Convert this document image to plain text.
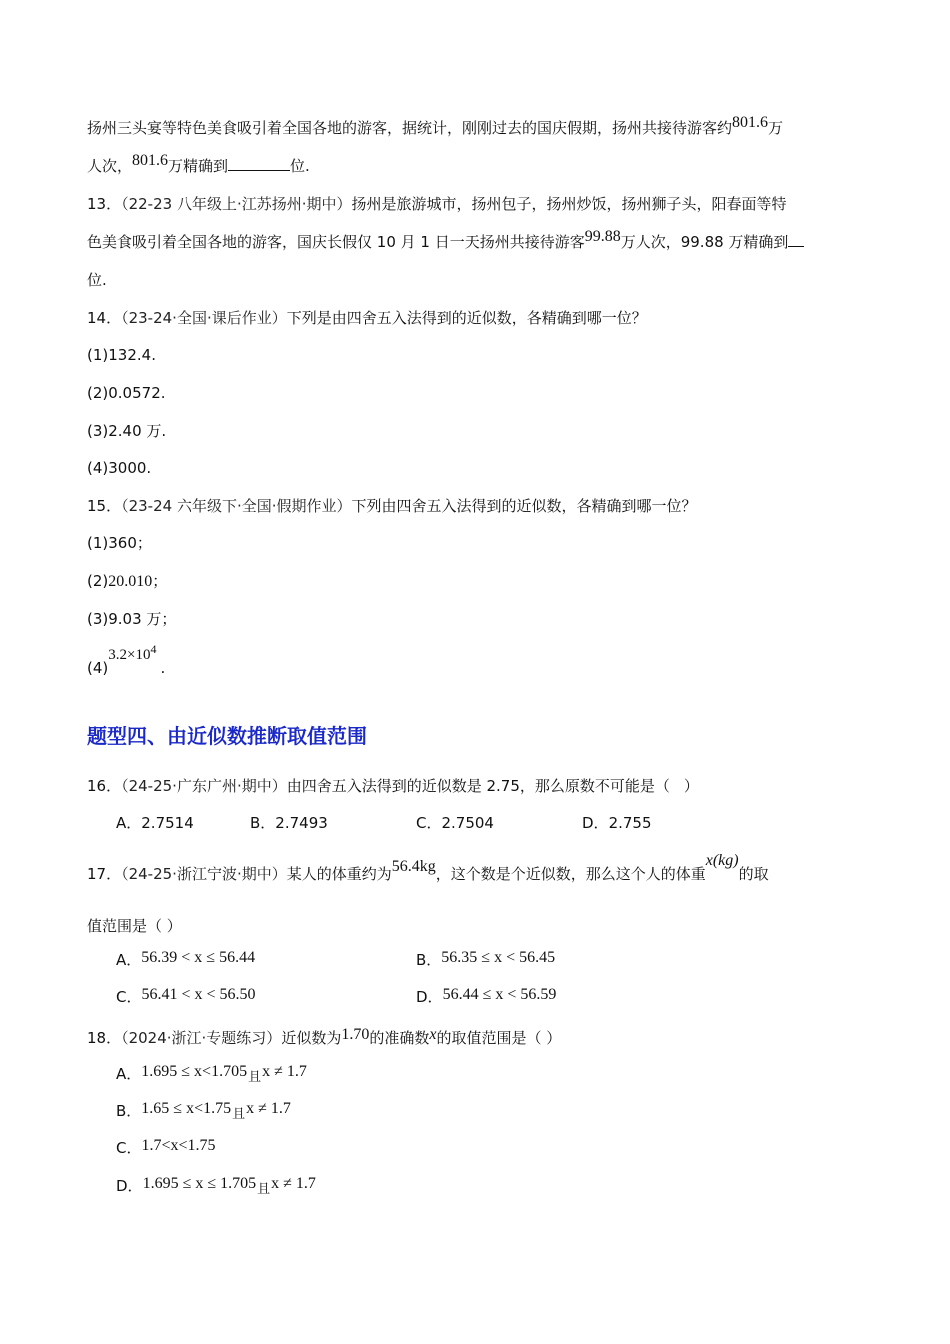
扬州三头宴等特色美食吸引着全国各地的游客，据统计，刚刚过去的国庆假期，扬州共接待游客约801.6万
人次，801.6万精确到	位.
13．（22-23 八年级上·江苏扬州·期中）扬州是旅游城市，扬州包子，扬州炒饭，扬州狮子头，阳春面等特
色美食吸引着全国各地的游客，国庆长假仅 10 月 1 日一天扬州共接待游客99.88万人次，99.88 万精确到
位.
14．（23-24·全国·课后作业）下列是由四舍五入法得到的近似数，各精确到哪一位？
(1)132.4.
(2)0.0572.
(3)2.40 万.
(4)3000.
15．（23-24 六年级下·全国·假期作业）下列由四舍五入法得到的近似数，各精确到哪一位？
(1)360；
(2)20.010；
(3)9.03 万；
$(4)3.2\times 10^4$.
题型四、由近似数推断取值范围
16．（24-25·广东广州·期中）由四舍五入法得到的近似数是 2.75，那么原数不可能是（ ）
A．2.7514	B．2.7493	C．2.7504	D．2.755
17．（24-25·浙江宁波·期中）某人的体重约为56.4kg，这个数是个近似数，那么这个人的体重x(kg)的取
值范围是（ ）
A．56.39 < x ≤ 56.44	B．56.35 ≤ x < 56.45
C．56.41 < x < 56.50	D．56.44 ≤ x < 56.59
18．（2024·浙江·专题练习）近似数为1.70的准确数x的取值范围是（ ）
A．1.695 ≤ x<1.705且x ≠ 1.7
B．1.65 ≤ x<1.75且x ≠ 1.7
C．1.7<x<1.75
D．1.695 ≤ x ≤ 1.705且x ≠ 1.7
